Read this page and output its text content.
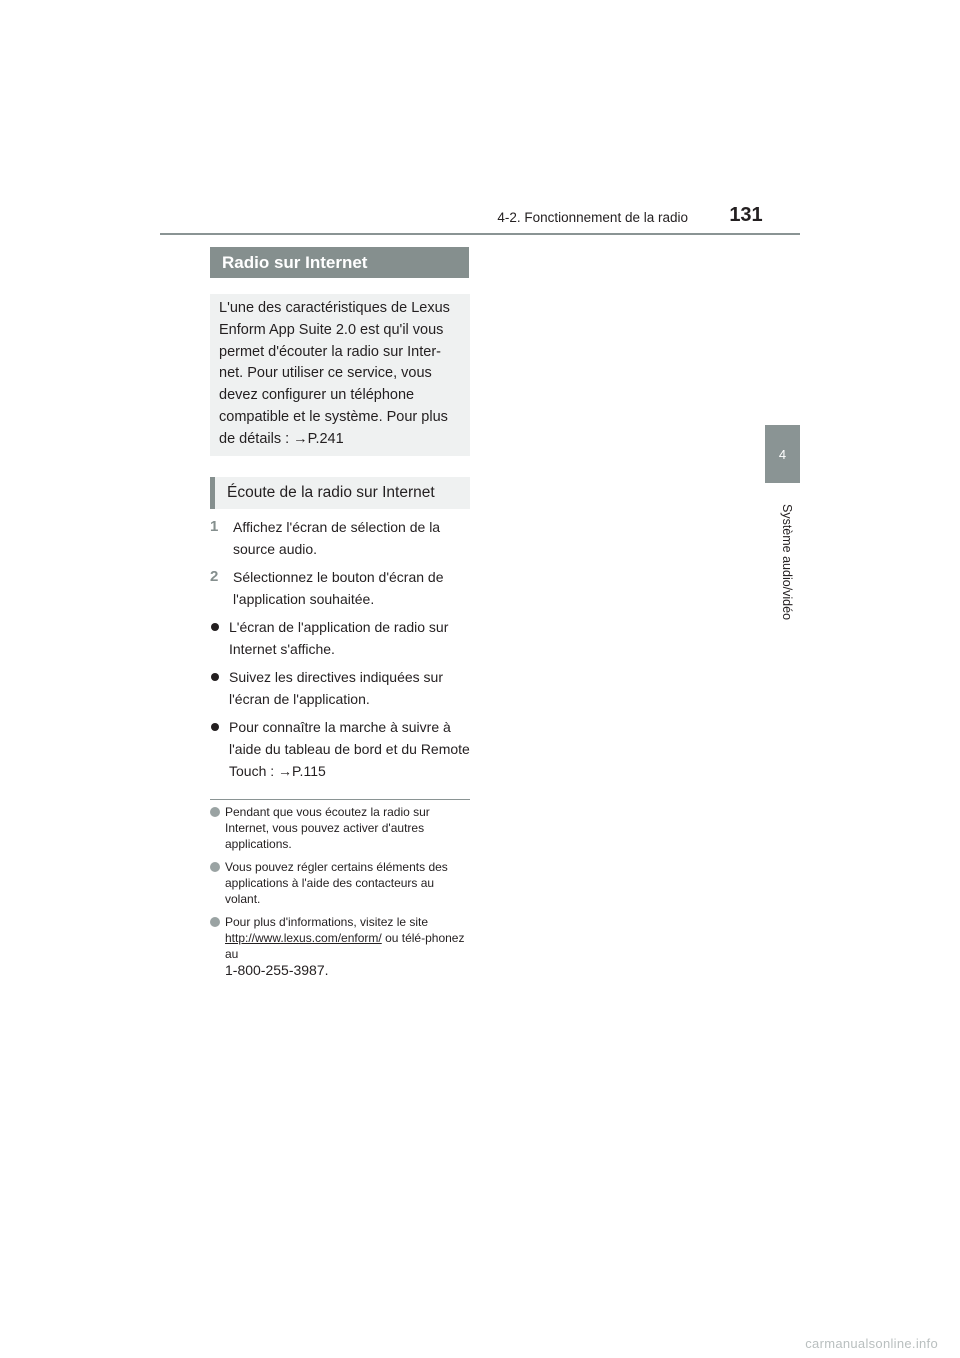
4-2. Fonctionnement de la radio 131
4
Système audio/vidéo
Radio sur Internet
L'une des caractéristiques de Lexus Enform App Suite 2.0 est qu'il vous permet d'écouter la radio sur Inter-net. Pour utiliser ce service, vous devez configurer un téléphone compatible et le système. Pour plus de détails : →P.241
Écoute de la radio sur Internet
1 Affichez l'écran de sélection de la source audio.
2 Sélectionnez le bouton d'écran de l'application souhaitée.
L'écran de l'application de radio sur Internet s'affiche.
Suivez les directives indiquées sur l'écran de l'application.
Pour connaître la marche à suivre à l'aide du tableau de bord et du Remote Touch : →P.115
Pendant que vous écoutez la radio sur Internet, vous pouvez activer d'autres applications.
Vous pouvez régler certains éléments des applications à l'aide des contacteurs au volant.
Pour plus d'informations, visitez le site
http://www.lexus.com/enform/ ou télé-phonez au
1-800-255-3987.
carmanualsonline.info
